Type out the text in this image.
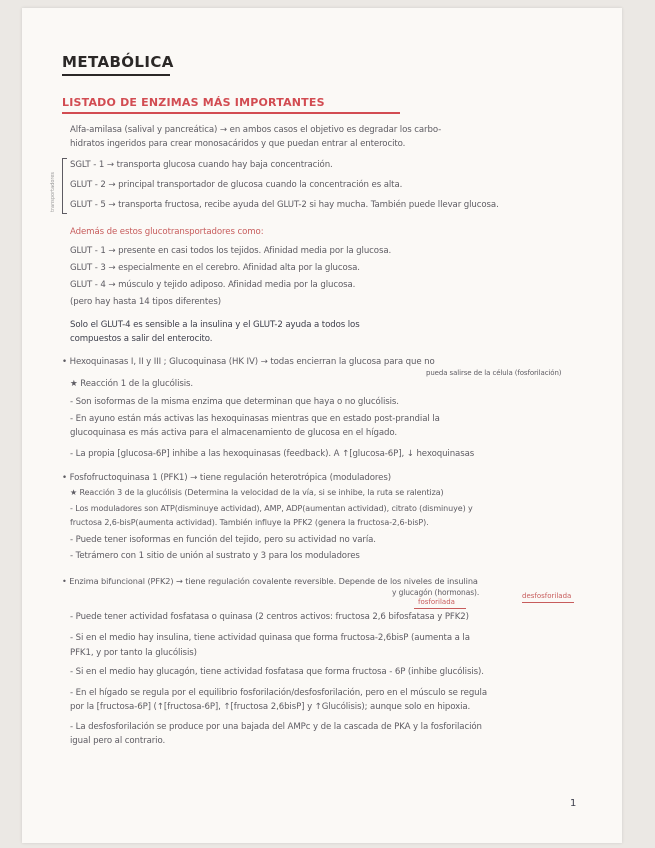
METABÓLICA
LISTADO DE ENZIMAS MÁS IMPORTANTES
Alfa-amilasa (salival y pancreática) → en ambos casos el objetivo es degradar los carbo-
hidratos ingeridos para crear monosacáridos y que puedan entrar al enterocito.
transportadores
SGLT - 1 → transporta glucosa cuando hay baja concentración.
GLUT - 2 → principal transportador de glucosa cuando la concentración es alta.
GLUT - 5 → transporta fructosa, recibe ayuda del GLUT-2 si hay mucha. También puede llevar glucosa.
Además de estos glucotransportadores como:
GLUT - 1 → presente en casi todos los tejidos. Afinidad media por la glucosa.
GLUT - 3 → especialmente en el cerebro. Afinidad alta por la glucosa.
GLUT - 4 → músculo y tejido adiposo. Afinidad media por la glucosa.
(pero hay hasta 14 tipos diferentes)
Solo el GLUT-4 es sensible a la insulina y el GLUT-2 ayuda a todos los
compuestos a salir del enterocito.
• Hexoquinasas I, II y III ; Glucoquinasa (HK IV) → todas encierran la glucosa para que no
pueda salirse de la célula (fosforilación)
★ Reacción 1 de la glucólisis.
- Son isoformas de la misma enzima que determinan que haya o no glucólisis.
- En ayuno están más activas las hexoquinasas mientras que en estado post-prandial la
glucoquinasa es más activa para el almacenamiento de glucosa en el hígado.
- La propia [glucosa-6P] inhibe a las hexoquinasas (feedback). A ↑[glucosa-6P], ↓ hexoquinasas
• Fosfofructoquinasa 1 (PFK1) → tiene regulación heterotrópica (moduladores)
★ Reacción 3 de la glucólisis (Determina la velocidad de la vía, si se inhibe, la ruta se ralentiza)
- Los moduladores son ATP(disminuye actividad), AMP, ADP(aumentan actividad), citrato (disminuye) y
fructosa 2,6-bisP(aumenta actividad). También influye la PFK2 (genera la fructosa-2,6-bisP).
- Puede tener isoformas en función del tejido, pero su actividad no varía.
- Tetrámero con 1 sitio de unión al sustrato y 3 para los moduladores
• Enzima bifuncional (PFK2) → tiene regulación covalente reversible. Depende de los niveles de insulina
y glucagón (hormonas).
fosforilada
desfosforilada
- Puede tener actividad fosfatasa o quinasa (2 centros activos: fructosa 2,6 bifosfatasa y PFK2)
- Si en el medio hay insulina, tiene actividad quinasa que forma fructosa-2,6bisP (aumenta a la
PFK1, y por tanto la glucólisis)
- Si en el medio hay glucagón, tiene actividad fosfatasa que forma fructosa - 6P (inhibe glucólisis).
- En el hígado se regula por el equilibrio fosforilación/desfosforilación, pero en el músculo se regula
por la [fructosa-6P] (↑[fructosa-6P], ↑[fructosa 2,6bisP] y ↑Glucólisis); aunque solo en hipoxia.
- La desfosforilación se produce por una bajada del AMPc y de la cascada de PKA y la fosforilación
igual pero al contrario.
1
